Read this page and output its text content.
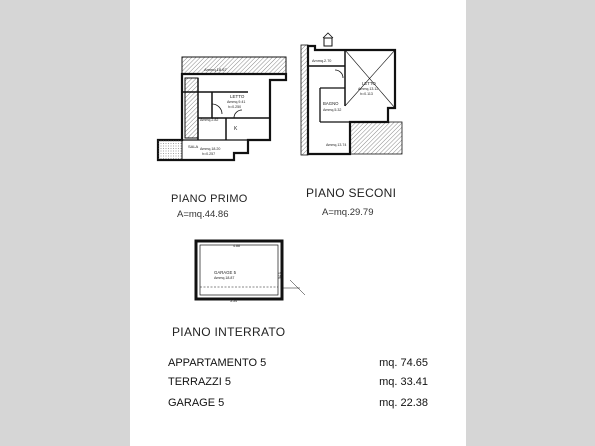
Ammq.18.67
LETTO
Ammq.9.41
h=0.250
Ammq.2.82
K
SALA Ammq.18.20
h=0.257
Ammq.2.70
LETTO
Ammq.13.12
h=0.113
BAGNO
Ammq.5.32
Ammq.13.74
4.88
GARAGE 5
Ammq.18.87
5.54
3.78
PIANO PRIMO
A=mq.44.86
PIANO SECONI
A=mq.29.79
PIANO INTERRATO
APPARTAMENTO 5	mq. 74.65
TERRAZZI 5	mq. 33.41
GARAGE 5	mq. 22.38
